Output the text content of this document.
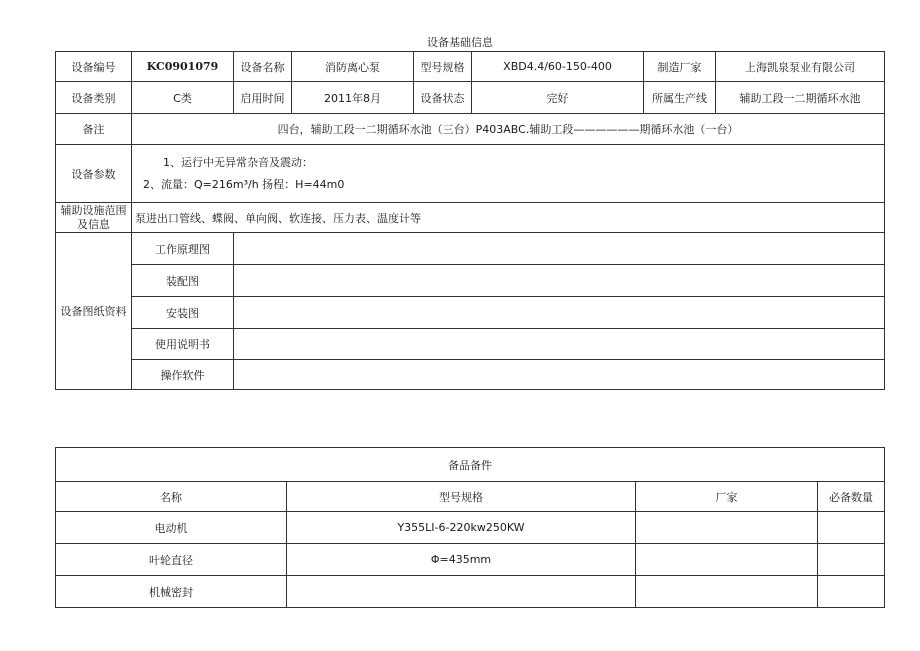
设备基础信息
设备编号	KC0901079	设备名称	消防离心泵	型号规格	XBD4.4/60-150-400	制造厂家	上海凯泉泵业有限公司
设备类别	C类	启用时间	2011年8月	设备状态	完好	所属生产线	辅助工段一二期循环水池
备注	四台，辅助工段一二期循环水池（三台）P403ABC.辅助工段——————期循环水池（一台）						
设备参数	1、运行中无异常杂音及震动：
2、流量：Q=216m³/h 扬程：H=44m0						

辅助设施范围及信息	泵进出口管线、蝶阀、单向阀、软连接、压力表、温度计等						
设备图纸资料	工作原理图						
	装配图						
	安装图						
	使用说明书						
	操作软件						
备品备件			
名称	型号规格	厂家	必备数量
电动机	Y355LI-6-220kw250KW		
叶轮直径	Φ=435mm		
机械密封			
